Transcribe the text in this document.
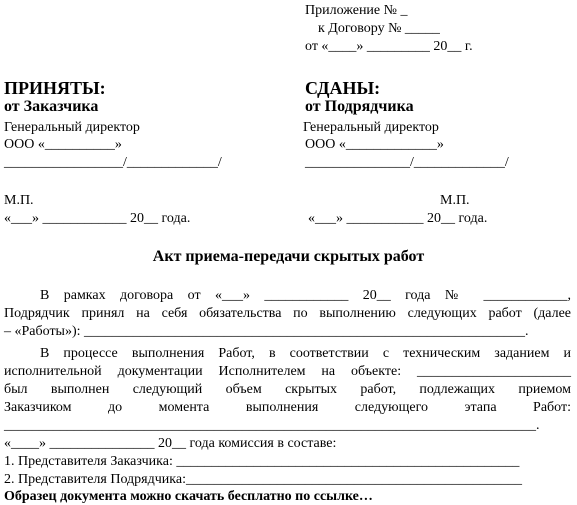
Приложение № _
к Договору № _____
от «____» _________ 20__ г.
ПРИНЯТЫ:
от Заказчика
Генеральный директор
ООО «__________»
_________________/_____________/
М.П.
«___» ____________ 20__ года.
СДАНЫ:
от Подрядчика
Генеральный директор
ООО «_____________»
_______________/_____________/
М.П.
«___» ___________ 20__ года.
Акт приема-передачи скрытых работ
В рамках договора от «___» ____________ 20__ года № ____________,
Подрядчик принял на себя обязательства по выполнению следующих работ (далее
– «Работы»): _______________________________________________________________.
В процессе выполнения Работ, в соответствии с техническим заданием и
исполнительной документации Исполнителем на объекте: ______________________
был выполнен следующий объем скрытых работ, подлежащих приемом
Заказчиком до момента выполнения следующего этапа Работ:
____________________________________________________________________________.
«____» _______________ 20__ года комиссия в составе:
1. Представителя Заказчика: _________________________________________________
2. Представителя Подрядчика:________________________________________________
Образец документа можно скачать бесплатно по ссылке…
